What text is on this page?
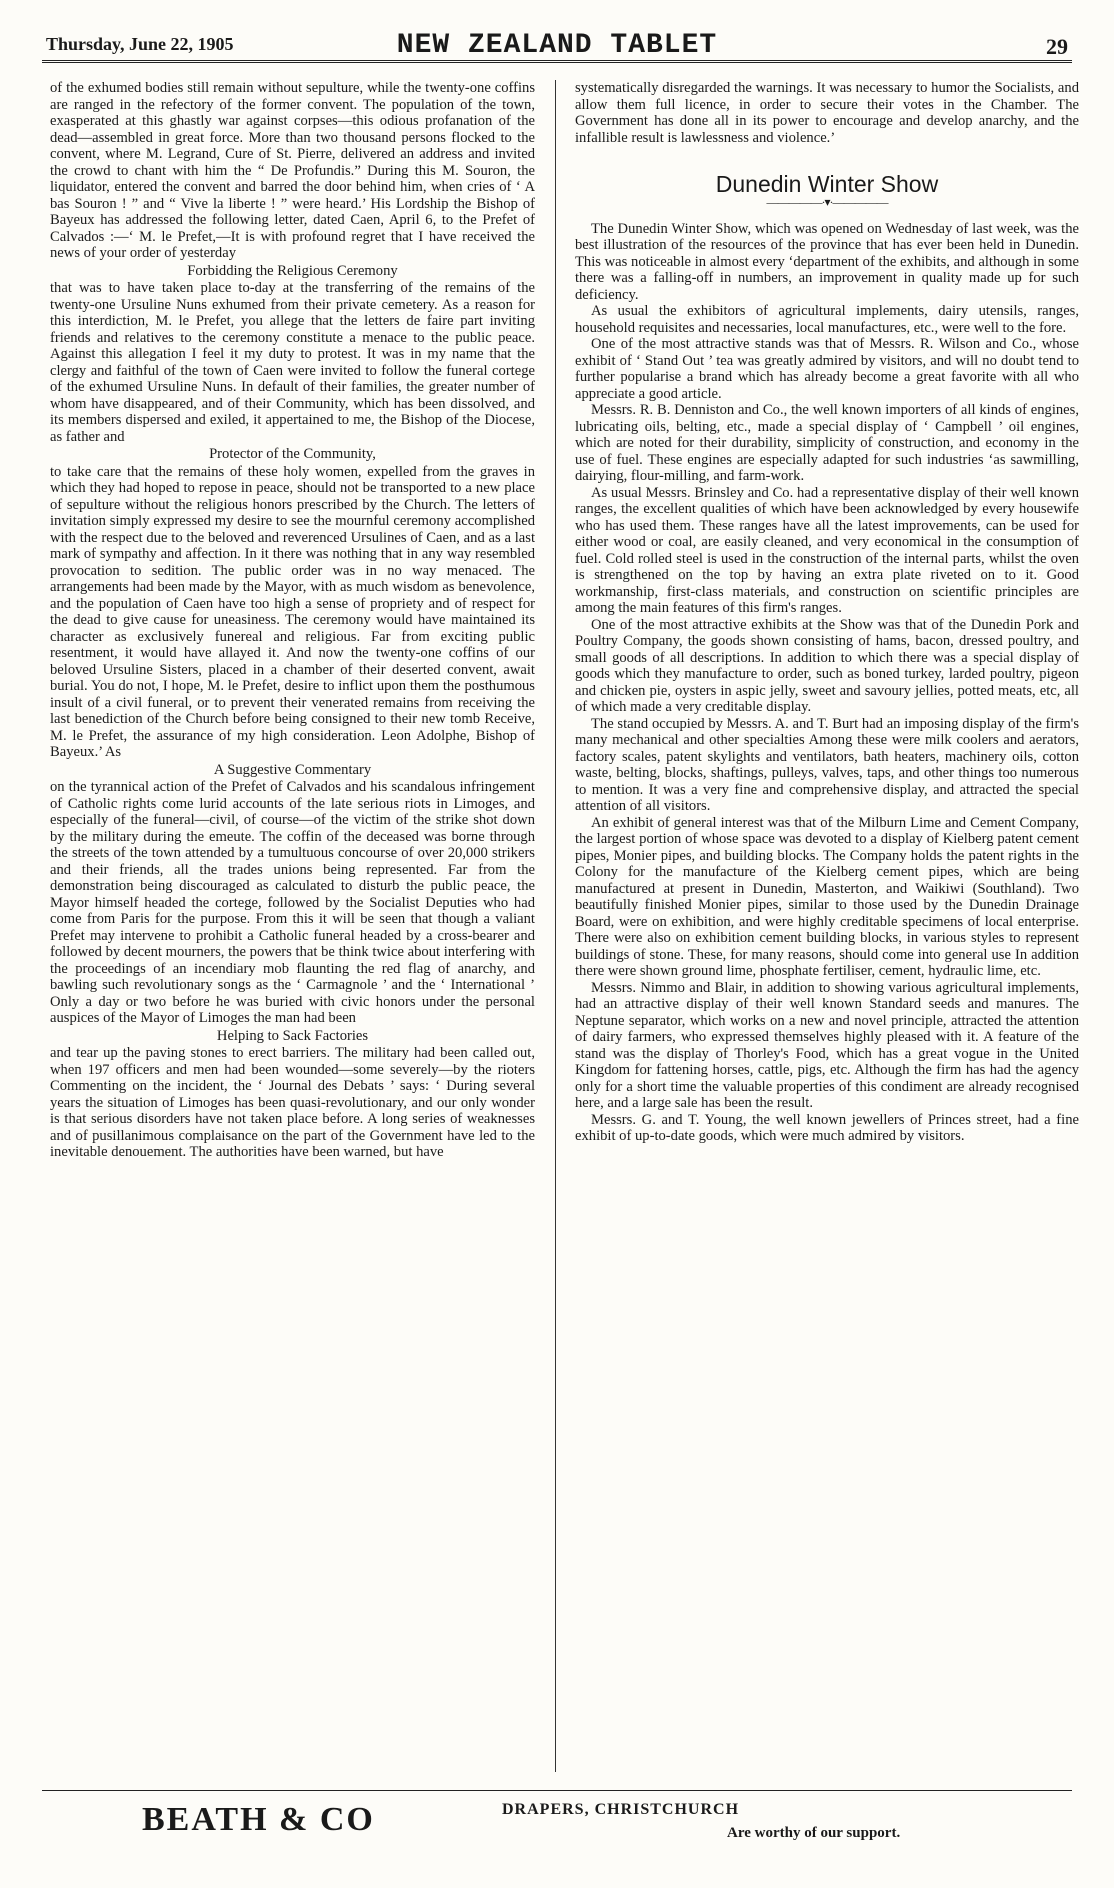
Thursday, June 22, 1905	NEW ZEALAND TABLET	29

of the exhumed bodies still remain without sepulture, while the twenty-one coffins are ranged in the refectory of the former convent. The population of the town, exasperated at this ghastly war against corpses—this odious profanation of the dead—assembled in great force. More than two thousand persons flocked to the convent, where M. Legrand, Cure of St. Pierre, delivered an address and invited the crowd to chant with him the “ De Profundis.” During this M. Souron, the liquidator, entered the convent and barred the door behind him, when cries of ‘ A bas Souron ! ” and “ Vive la liberte ! ” were heard.’ His Lordship the Bishop of Bayeux has addressed the following letter, dated Caen, April 6, to the Prefet of Calvados :—‘ M. le Prefet,—It is with profound regret that I have received the news of your order of yesterday

Forbidding the Religious Ceremony

that was to have taken place to-day at the transferring of the remains of the twenty-one Ursuline Nuns exhumed from their private cemetery. As a reason for this interdiction, M. le Prefet, you allege that the letters de faire part inviting friends and relatives to the ceremony constitute a menace to the public peace. Against this allegation I feel it my duty to protest. It was in my name that the clergy and faithful of the town of Caen were invited to follow the funeral cortege of the exhumed Ursuline Nuns. In default of their families, the greater number of whom have disappeared, and of their Community, which has been dissolved, and its members dispersed and exiled, it appertained to me, the Bishop of the Diocese, as father and

Protector of the Community,

to take care that the remains of these holy women, expelled from the graves in which they had hoped to repose in peace, should not be transported to a new place of sepulture without the religious honors prescribed by the Church. The letters of invitation simply expressed my desire to see the mournful ceremony accomplished with the respect due to the beloved and reverenced Ursulines of Caen, and as a last mark of sympathy and affection. In it there was nothing that in any way resembled provocation to sedition. The public order was in no way menaced. The arrangements had been made by the Mayor, with as much wisdom as benevolence, and the population of Caen have too high a sense of propriety and of respect for the dead to give cause for uneasiness. The ceremony would have maintained its character as exclusively funereal and religious. Far from exciting public resentment, it would have allayed it. And now the twenty-one coffins of our beloved Ursuline Sisters, placed in a chamber of their deserted convent, await burial. You do not, I hope, M. le Prefet, desire to inflict upon them the posthumous insult of a civil funeral, or to prevent their venerated remains from receiving the last benediction of the Church before being consigned to their new tomb Receive, M. le Prefet, the assurance of my high consideration. Leon Adolphe, Bishop of Bayeux.’ As

A Suggestive Commentary

on the tyrannical action of the Prefet of Calvados and his scandalous infringement of Catholic rights come lurid accounts of the late serious riots in Limoges, and especially of the funeral—civil, of course—of the victim of the strike shot down by the military during the emeute. The coffin of the deceased was borne through the streets of the town attended by a tumultuous concourse of over 20,000 strikers and their friends, all the trades unions being represented. Far from the demonstration being discouraged as calculated to disturb the public peace, the Mayor himself headed the cortege, followed by the Socialist Deputies who had come from Paris for the purpose. From this it will be seen that though a valiant Prefet may intervene to prohibit a Catholic funeral headed by a cross-bearer and followed by decent mourners, the powers that be think twice about interfering with the proceedings of an incendiary mob flaunting the red flag of anarchy, and bawling such revolutionary songs as the ‘ Carmagnole ’ and the ‘ International ’ Only a day or two before he was buried with civic honors under the personal auspices of the Mayor of Limoges the man had been

Helping to Sack Factories

and tear up the paving stones to erect barriers. The military had been called out, when 197 officers and men had been wounded—some severely—by the rioters Commenting on the incident, the ‘ Journal des Debats ’ says: ‘ During several years the situation of Limoges has been quasi-revolutionary, and our only wonder is that serious disorders have not taken place before. A long series of weaknesses and of pusillanimous complaisance on the part of the Government have led to the inevitable denouement. The authorities have been warned, but have

systematically disregarded the warnings. It was necessary to humor the Socialists, and allow them full licence, in order to secure their votes in the Chamber. The Government has done all in its power to encourage and develop anarchy, and the infallible result is lawlessness and violence.’

Dunedin Winter Show
—————·▾·—————

The Dunedin Winter Show, which was opened on Wednesday of last week, was the best illustration of the resources of the province that has ever been held in Dunedin. This was noticeable in almost every ‘department of the exhibits, and although in some there was a falling-off in numbers, an improvement in quality made up for such deficiency.

As usual the exhibitors of agricultural implements, dairy utensils, ranges, household requisites and necessaries, local manufactures, etc., were well to the fore.

One of the most attractive stands was that of Messrs. R. Wilson and Co., whose exhibit of ‘ Stand Out ’ tea was greatly admired by visitors, and will no doubt tend to further popularise a brand which has already become a great favorite with all who appreciate a good article.

Messrs. R. B. Denniston and Co., the well known importers of all kinds of engines, lubricating oils, belting, etc., made a special display of ‘ Campbell ’ oil engines, which are noted for their durability, simplicity of construction, and economy in the use of fuel. These engines are especially adapted for such industries ‘as sawmilling, dairying, flour-milling, and farm-work.

As usual Messrs. Brinsley and Co. had a representative display of their well known ranges, the excellent qualities of which have been acknowledged by every housewife who has used them. These ranges have all the latest improvements, can be used for either wood or coal, are easily cleaned, and very economical in the consumption of fuel. Cold rolled steel is used in the construction of the internal parts, whilst the oven is strengthened on the top by having an extra plate riveted on to it. Good workmanship, first-class materials, and construction on scientific principles are among the main features of this firm's ranges.

One of the most attractive exhibits at the Show was that of the Dunedin Pork and Poultry Company, the goods shown consisting of hams, bacon, dressed poultry, and small goods of all descriptions. In addition to which there was a special display of goods which they manufacture to order, such as boned turkey, larded poultry, pigeon and chicken pie, oysters in aspic jelly, sweet and savoury jellies, potted meats, etc, all of which made a very creditable display.

The stand occupied by Messrs. A. and T. Burt had an imposing display of the firm's many mechanical and other specialties Among these were milk coolers and aerators, factory scales, patent skylights and ventilators, bath heaters, machinery oils, cotton waste, belting, blocks, shaftings, pulleys, valves, taps, and other things too numerous to mention. It was a very fine and comprehensive display, and attracted the special attention of all visitors.

An exhibit of general interest was that of the Milburn Lime and Cement Company, the largest portion of whose space was devoted to a display of Kielberg patent cement pipes, Monier pipes, and building blocks. The Company holds the patent rights in the Colony for the manufacture of the Kielberg cement pipes, which are being manufactured at present in Dunedin, Masterton, and Waikiwi (Southland). Two beautifully finished Monier pipes, similar to those used by the Dunedin Drainage Board, were on exhibition, and were highly creditable specimens of local enterprise. There were also on exhibition cement building blocks, in various styles to represent buildings of stone. These, for many reasons, should come into general use In addition there were shown ground lime, phosphate fertiliser, cement, hydraulic lime, etc.

Messrs. Nimmo and Blair, in addition to showing various agricultural implements, had an attractive display of their well known Standard seeds and manures. The Neptune separator, which works on a new and novel principle, attracted the attention of dairy farmers, who expressed themselves highly pleased with it. A feature of the stand was the display of Thorley's Food, which has a great vogue in the United Kingdom for fattening horses, cattle, pigs, etc. Although the firm has had the agency only for a short time the valuable properties of this condiment are already recognised here, and a large sale has been the result.

Messrs. G. and T. Young, the well known jewellers of Princes street, had a fine exhibit of up-to-date goods, which were much admired by visitors.

BEATH & CO	DRAPERS, CHRISTCHURCH
Are worthy of our support.
